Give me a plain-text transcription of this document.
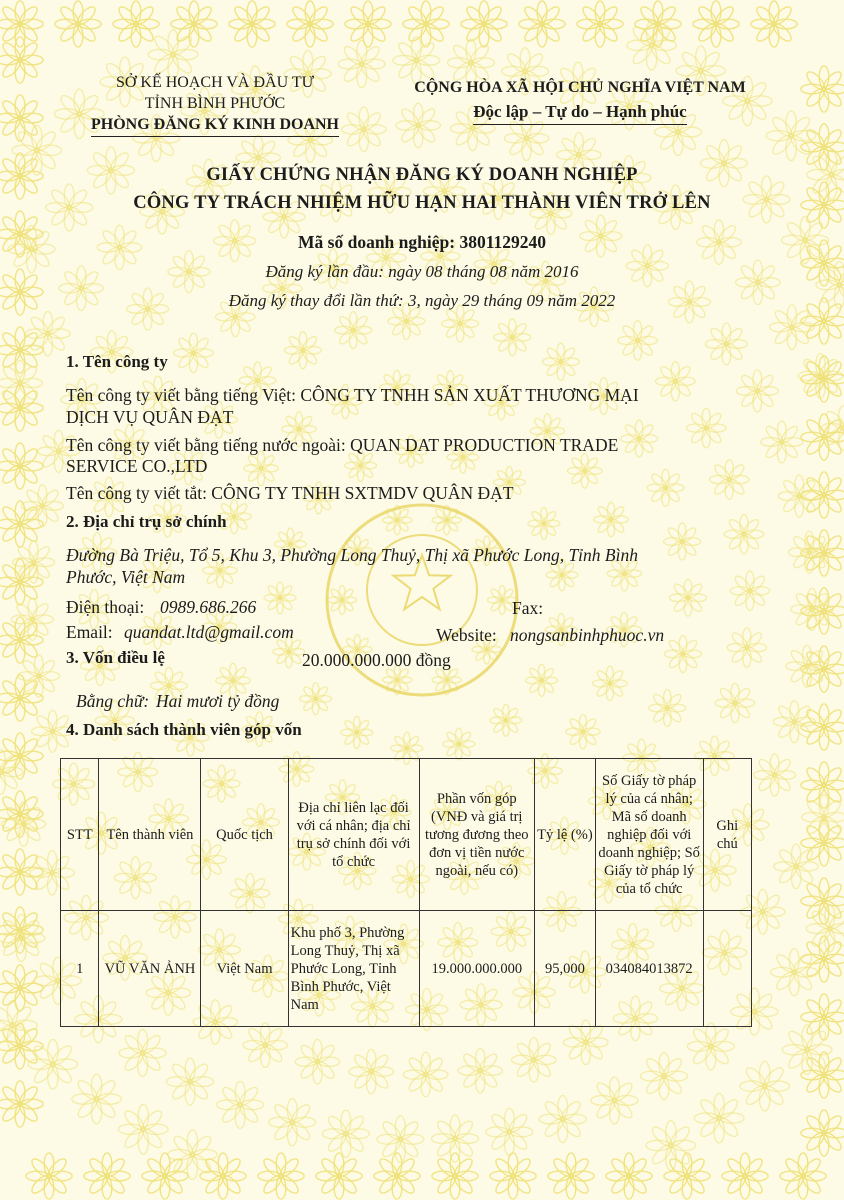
SỞ KẾ HOẠCH VÀ ĐẦU TƯ
TỈNH BÌNH PHƯỚC
PHÒNG ĐĂNG KÝ KINH DOANH
CỘNG HÒA XÃ HỘI CHỦ NGHĨA VIỆT NAM
Độc lập – Tự do – Hạnh phúc
GIẤY CHỨNG NHẬN ĐĂNG KÝ DOANH NGHIỆP
CÔNG TY TRÁCH NHIỆM HỮU HẠN HAI THÀNH VIÊN TRỞ LÊN
Mã số doanh nghiệp: 3801129240
Đăng ký lần đầu: ngày 08 tháng 08 năm 2016
Đăng ký thay đổi lần thứ: 3, ngày 29 tháng 09 năm 2022
1. Tên công ty
Tên công ty viết bằng tiếng Việt: CÔNG TY TNHH SẢN XUẤT THƯƠNG MẠI
DỊCH VỤ QUÂN ĐẠT
Tên công ty viết bằng tiếng nước ngoài: QUAN DAT PRODUCTION TRADE
SERVICE CO.,LTD
Tên công ty viết tắt: CÔNG TY TNHH SXTMDV QUÂN ĐẠT
2. Địa chỉ trụ sở chính
Đường Bà Triệu, Tổ 5, Khu 3, Phường Long Thuỷ, Thị xã Phước Long, Tỉnh Bình
Phước, Việt Nam
Điện thoại: 0989.686.266	Fax:
Email: quandat.ltd@gmail.com	Website: nongsanbinhphuoc.vn
3. Vốn điều lệ	20.000.000.000 đồng
Bằng chữ: Hai mươi tỷ đồng
4. Danh sách thành viên góp vốn
STT	Tên thành viên	Quốc tịch	Địa chỉ liên lạc đối với cá nhân; địa chỉ trụ sở chính đối với tổ chức	Phần vốn góp (VNĐ và giá trị tương đương theo đơn vị tiền nước ngoài, nếu có)	Tỷ lệ (%)	Số Giấy tờ pháp lý của cá nhân; Mã số doanh nghiệp đối với doanh nghiệp; Số Giấy tờ pháp lý của tổ chức	Ghi chú
1	VŨ VĂN ẢNH	Việt Nam	Khu phố 3, Phường Long Thuỷ, Thị xã Phước Long, Tỉnh Bình Phước, Việt Nam	19.000.000.000	95,000	034084013872	
